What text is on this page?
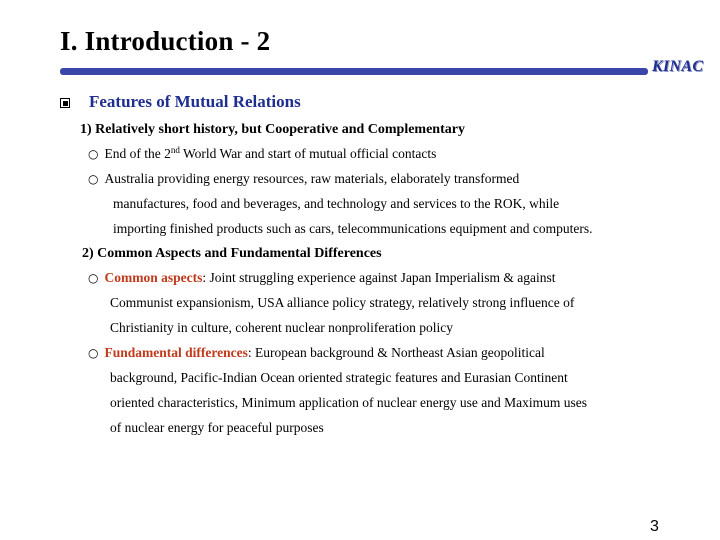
I. Introduction - 2
KINAC
Features of Mutual Relations
1) Relatively short history, but Cooperative and Complementary
○ End of the 2nd World War and start of mutual official contacts
○ Australia providing energy resources, raw materials, elaborately transformed
manufactures, food and beverages, and technology and services to the ROK, while
importing finished products such as cars, telecommunications equipment and computers.
2) Common Aspects and Fundamental Differences
○ Common aspects: Joint struggling experience against Japan Imperialism & against
Communist expansionism, USA alliance policy strategy, relatively strong influence of
Christianity in culture, coherent nuclear nonproliferation policy
○ Fundamental differences: European background & Northeast Asian geopolitical
background, Pacific-Indian Ocean oriented strategic features and Eurasian Continent
oriented characteristics, Minimum application of nuclear energy use and Maximum uses
of nuclear energy for peaceful purposes
3
